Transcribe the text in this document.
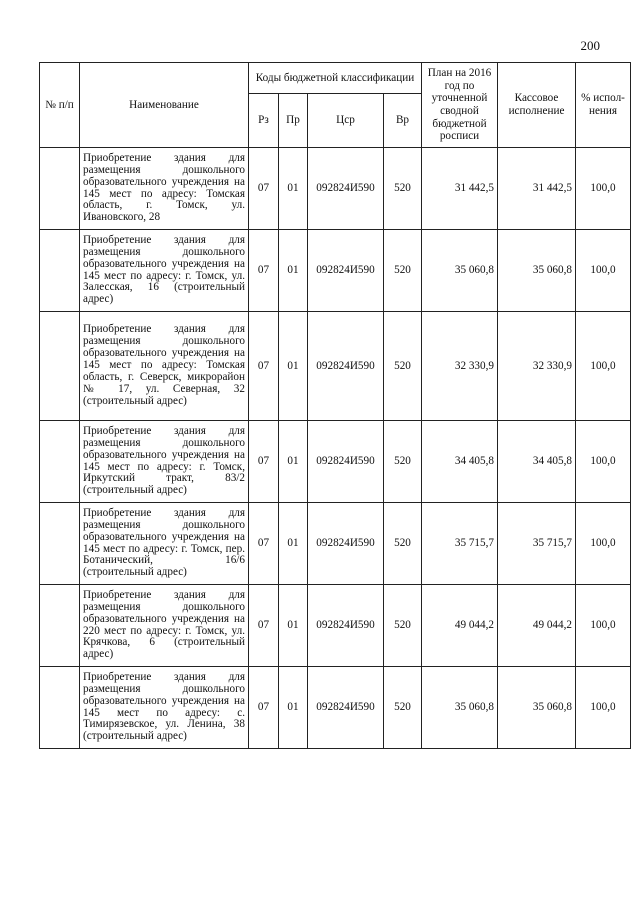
200
№ п/п	Наименование	Коды бюджетной классификации				План на 2016 год по уточненной сводной бюджетной росписи	Кассовое исполнение	% испол-нения
		Рз	Пр	Цср	Вр			
	Приобретение здания для размещения дошкольного образовательного учреждения на 145 мест по адресу: Томская область, г. Томск, ул. Ивановского, 28	07	01	092824И590	520	31 442,5	31 442,5	100,0
	Приобретение здания для размещения дошкольного образовательного учреждения на 145 мест по адресу: г. Томск, ул. Залесская, 16 (строительный адрес)	07	01	092824И590	520	35 060,8	35 060,8	100,0
	Приобретение здания для размещения дошкольного образовательного учреждения на 145 мест по адресу: Томская область, г. Северск, микрорайон № 17, ул. Северная, 32 (строительный адрес)	07	01	092824И590	520	32 330,9	32 330,9	100,0
	Приобретение здания для размещения дошкольного образовательного учреждения на 145 мест по адресу: г. Томск, Иркутский тракт, 83/2 (строительный адрес)	07	01	092824И590	520	34 405,8	34 405,8	100,0
	Приобретение здания для размещения дошкольного образовательного учреждения на 145 мест по адресу: г. Томск, пер. Ботанический, 16/6 (строительный адрес)	07	01	092824И590	520	35 715,7	35 715,7	100,0
	Приобретение здания для размещения дошкольного образовательного учреждения на 220 мест по адресу: г. Томск, ул. Крячкова, 6 (строительный адрес)	07	01	092824И590	520	49 044,2	49 044,2	100,0
	Приобретение здания для размещения дошкольного образовательного учреждения на 145 мест по адресу: с. Тимирязевское, ул. Ленина, 38 (строительный адрес)	07	01	092824И590	520	35 060,8	35 060,8	100,0
